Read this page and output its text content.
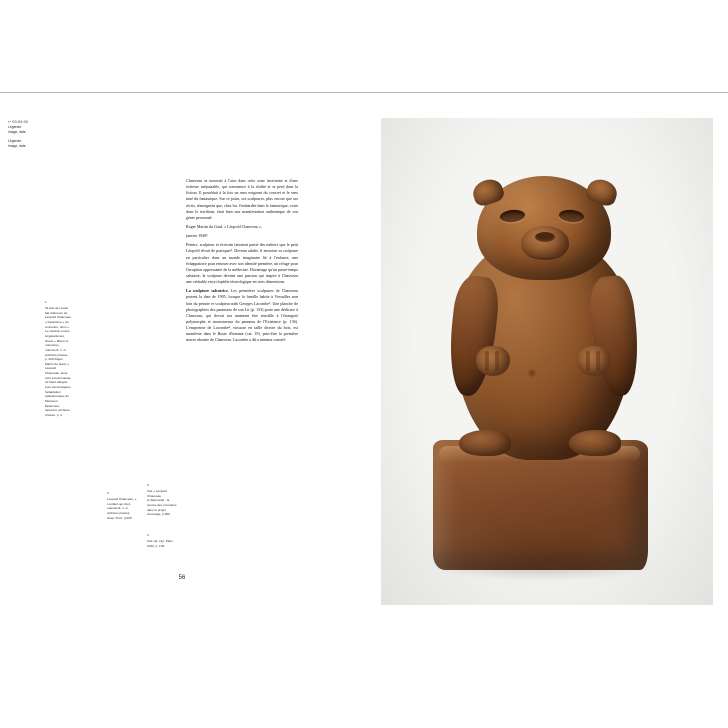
↵ 00:00:00
Légende
image, date
Légende
image, date
1
Ta tête de l'essai fait référence du Léopold Chauveau « linéarisme » du rencontre, donc « Le caroline et des singularismes, chaux » Mœur et mémoires, mannscrit, n. d., archives privées, p. 229 Roger Martin du Gard, « Léopold Chauveau, texte écrit à la demande de Marc Allégret pour accompagner l'adaptation radiophonique de Monsieur Épaument, tapuscrit, archives privées, p. 4
2
Léopold Chauveau, « L'enfant qui chez, manuscrit, n. d., archives privées, chap. XLIX, p.000
3
Voir « Léopold Chauveau (L'Allemand) : la source des encontres dans le projet d'ouvrage, p.000
4
Voir cat. exp. Paris 2012, p. 136

Chauveau se mouvait à l'aise dans cette zone incertaine et d'une richesse inépuisable, qui commence à la réalité et se perd dans la fiction. Il possédait à la fois un sens exigeant du concret et le sens inné du fantastique. Sur ce point, ses sculptures, plus encore que ses récits, témoignent que, chez lui, l'embardée dans le fantastique, voire dans le terrifiant, était bien une manifestation authentique de son génie personnel.

Roger Martin du Gard, « Léopold Chauveau »,

janvier 1948¹.

Peintre, sculpteur et écrivain faisaient partie des métiers que le petit Léopold rêvait de pratiquer². Devenu adulte, il enracine sa sculpture en particulier dans un monde imaginaire lié à l'enfance, une échappatoire pour renouer avec son identité première, un refuge pour l'irruption oppressante de la médecine. Davantage qu'un passe-temps salutaire, la sculpture devient une passion qui inspire à Chauveau une véritable encyclopédie tératologique en trois dimensions.

La sculpture salvatrice. Les premières sculptures de Chauveau portent la date de 1905, lorsque la famille habite à Versailles non loin du peintre et sculpteur nabi Georges Lacombe³. Une planche de photographies des panneaux de son Lit (p. 153) porte une dédicace à Chauveau, qui devait not ammemt être sensible à l'étrangeté polymorphe et monstrueuse du panneau de l'Existence (p. 136). L'empreinte de Lacombe⁴, virtuose en taille directe du bois, est manifeste dans le Buste d'homme (cat. 19), peut-être la première œuvre aboutie de Chauveau. Lacombe a dû a minima conseil-

56
